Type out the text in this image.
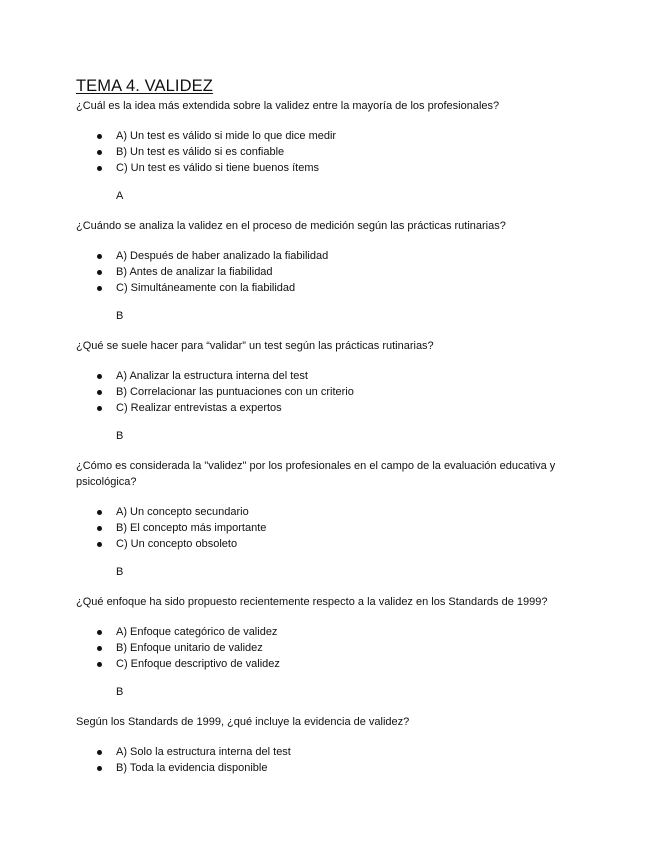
TEMA 4. VALIDEZ

¿Cuál es la idea más extendida sobre la validez entre la mayoría de los profesionales?

A) Un test es válido si mide lo que dice medir
B) Un test es válido si es confiable
C) Un test es válido si tiene buenos ítems

A

¿Cuándo se analiza la validez en el proceso de medición según las prácticas rutinarias?

A) Después de haber analizado la fiabilidad
B) Antes de analizar la fiabilidad
C) Simultáneamente con la fiabilidad

B

¿Qué se suele hacer para “validar” un test según las prácticas rutinarias?

A) Analizar la estructura interna del test
B) Correlacionar las puntuaciones con un criterio
C) Realizar entrevistas a expertos

B

¿Cómo es considerada la "validez" por los profesionales en el campo de la evaluación educativa y psicológica?

A) Un concepto secundario
B) El concepto más importante
C) Un concepto obsoleto

B

¿Qué enfoque ha sido propuesto recientemente respecto a la validez en los Standards de 1999?

A) Enfoque categórico de validez
B) Enfoque unitario de validez
C) Enfoque descriptivo de validez

B

Según los Standards de 1999, ¿qué incluye la evidencia de validez?

A) Solo la estructura interna del test
B) Toda la evidencia disponible
